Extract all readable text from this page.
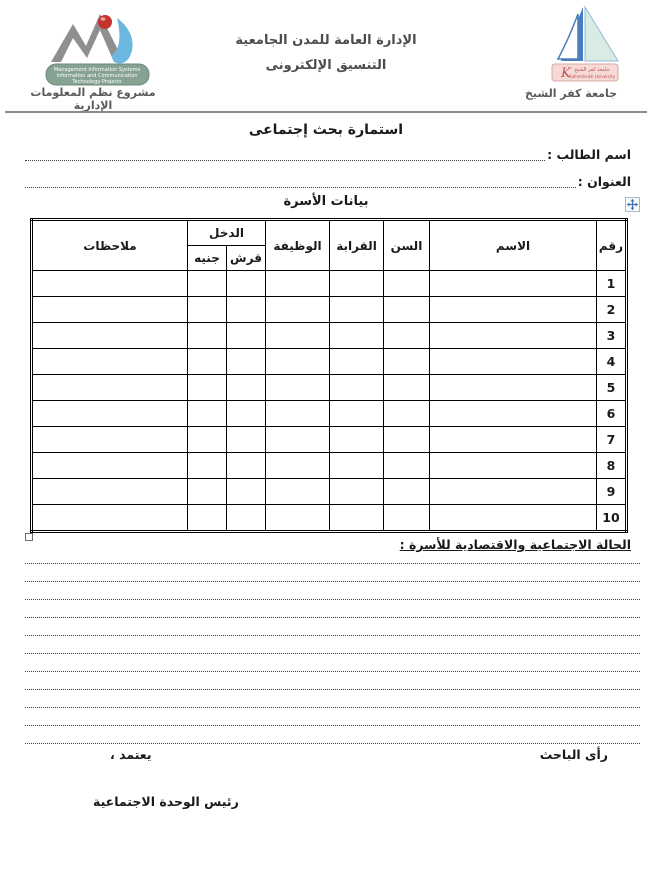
Management Information Systems
Information and Communication
Technology Projects
الإدارة العامة للمدن الجامعية
التنسيق الإلكترونى
K جامعة كفر الشيخ
Kafrelsheikh University
مشروع نظم المعلومات الإدارية
جامعة كفر الشيخ
استمارة بحث إجتماعى
اسم الطالب :
العنوان :
بيانات الأسرة
رقم	الاسم	السن	القرابة	الوظيفة	الدخل		ملاحظات
					قرش	جنيه	
1							
2							
3							
4							
5							
6							
7							
8							
9							
10							
الحالة الاجتماعية والاقتصادية للأسرة :
رأى الباحث
يعتمد ،
رئيس الوحدة الاجتماعية
